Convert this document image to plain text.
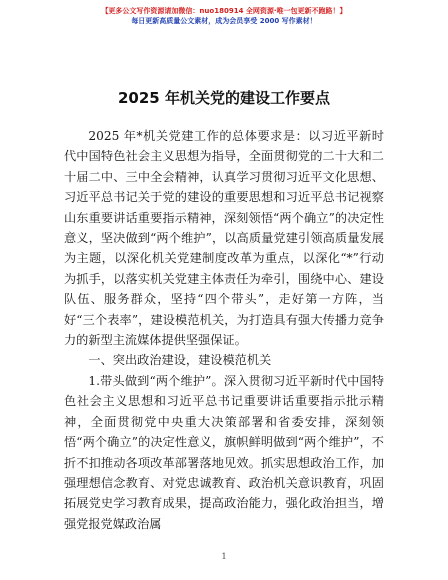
【更多公文写作资源请加微信：nuo180914 全网资源·唯一包更新不跑路！】
每日更新高质量公文素材，成为会员享受 2000 写作素材！
2025 年机关党的建设工作要点

2025 年*机关党建工作的总体要求是：以习近平新时代中国特色社会主义思想为指导，全面贯彻党的二十大和二十届二中、三中全会精神，认真学习贯彻习近平文化思想、习近平总书记关于党的建设的重要思想和习近平总书记视察山东重要讲话重要指示精神，深刻领悟“两个确立”的决定性意义，坚决做到“两个维护”，以高质量党建引领高质量发展为主题，以深化机关党建制度改革为重点，以深化“*”行动为抓手，以落实机关党建主体责任为牵引，围绕中心、建设队伍、服务群众，坚持“四个带头”，走好第一方阵，当好“三个表率”，建设模范机关，为打造具有强大传播力竞争力的新型主流媒体提供坚强保证。

一、突出政治建设，建设模范机关

1.带头做到“两个维护”。深入贯彻习近平新时代中国特色社会主义思想和习近平总书记重要讲话重要指示批示精神，全面贯彻党中央重大决策部署和省委安排，深刻领悟“两个确立”的决定性意义，旗帜鲜明做到“两个维护”，不折不扣推动各项改革部署落地见效。抓实思想政治工作，加强理想信念教育、对党忠诚教育、政治机关意识教育，巩固拓展党史学习教育成果，提高政治能力，强化政治担当，增强党报党媒政治属

1
